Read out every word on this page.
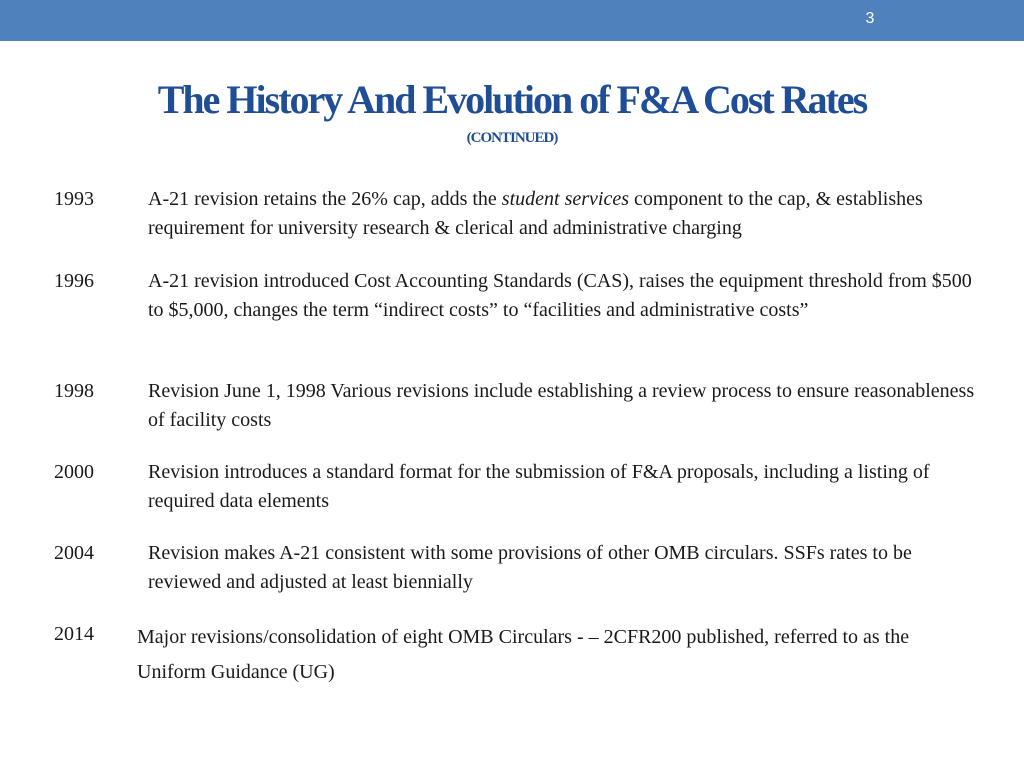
3
The History And Evolution of F&A Cost Rates
(CONTINUED)
1993	A-21 revision retains the 26% cap, adds the student services component to the cap, & establishes requirement for university research & clerical and administrative charging

1996	A-21 revision introduced Cost Accounting Standards (CAS), raises the equipment threshold from $500 to $5,000, changes the term “indirect costs” to “facilities and administrative costs”

1998	Revision June 1, 1998 Various revisions include establishing a review process to ensure reasonableness of facility costs

2000	Revision introduces a standard format for the submission of F&A proposals, including a listing of required data elements

2004	Revision makes A-21 consistent with some provisions of other OMB circulars. SSFs rates to be reviewed and adjusted at least biennially

2014 Major revisions/consolidation of eight OMB Circulars - – 2CFR200 published, referred to as the Uniform Guidance (UG)
